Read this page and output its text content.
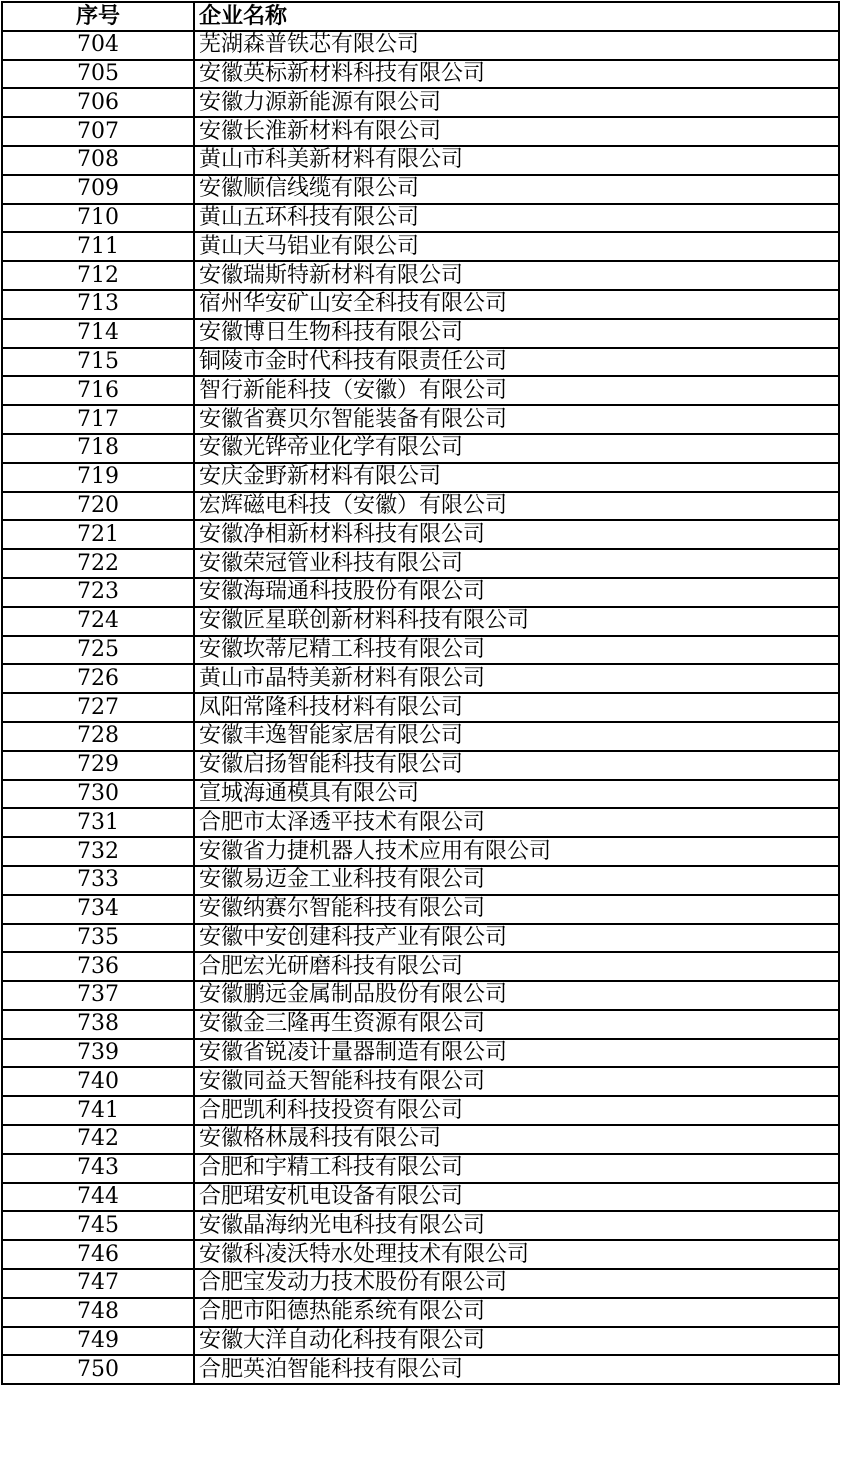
序号	企业名称
704	芜湖森普铁芯有限公司
705	安徽英标新材料科技有限公司
706	安徽力源新能源有限公司
707	安徽长淮新材料有限公司
708	黄山市科美新材料有限公司
709	安徽顺信线缆有限公司
710	黄山五环科技有限公司
711	黄山天马铝业有限公司
712	安徽瑞斯特新材料有限公司
713	宿州华安矿山安全科技有限公司
714	安徽博日生物科技有限公司
715	铜陵市金时代科技有限责任公司
716	智行新能科技（安徽）有限公司
717	安徽省赛贝尔智能装备有限公司
718	安徽光铧帝业化学有限公司
719	安庆金野新材料有限公司
720	宏辉磁电科技（安徽）有限公司
721	安徽净相新材料科技有限公司
722	安徽荣冠管业科技有限公司
723	安徽海瑞通科技股份有限公司
724	安徽匠星联创新材料科技有限公司
725	安徽坎蒂尼精工科技有限公司
726	黄山市晶特美新材料有限公司
727	凤阳常隆科技材料有限公司
728	安徽丰逸智能家居有限公司
729	安徽启扬智能科技有限公司
730	宣城海通模具有限公司
731	合肥市太泽透平技术有限公司
732	安徽省力捷机器人技术应用有限公司
733	安徽易迈金工业科技有限公司
734	安徽纳赛尔智能科技有限公司
735	安徽中安创建科技产业有限公司
736	合肥宏光研磨科技有限公司
737	安徽鹏远金属制品股份有限公司
738	安徽金三隆再生资源有限公司
739	安徽省锐凌计量器制造有限公司
740	安徽同益天智能科技有限公司
741	合肥凯利科技投资有限公司
742	安徽格林晟科技有限公司
743	合肥和宇精工科技有限公司
744	合肥珺安机电设备有限公司
745	安徽晶海纳光电科技有限公司
746	安徽科凌沃特水处理技术有限公司
747	合肥宝发动力技术股份有限公司
748	合肥市阳德热能系统有限公司
749	安徽大洋自动化科技有限公司
750	合肥英泊智能科技有限公司
